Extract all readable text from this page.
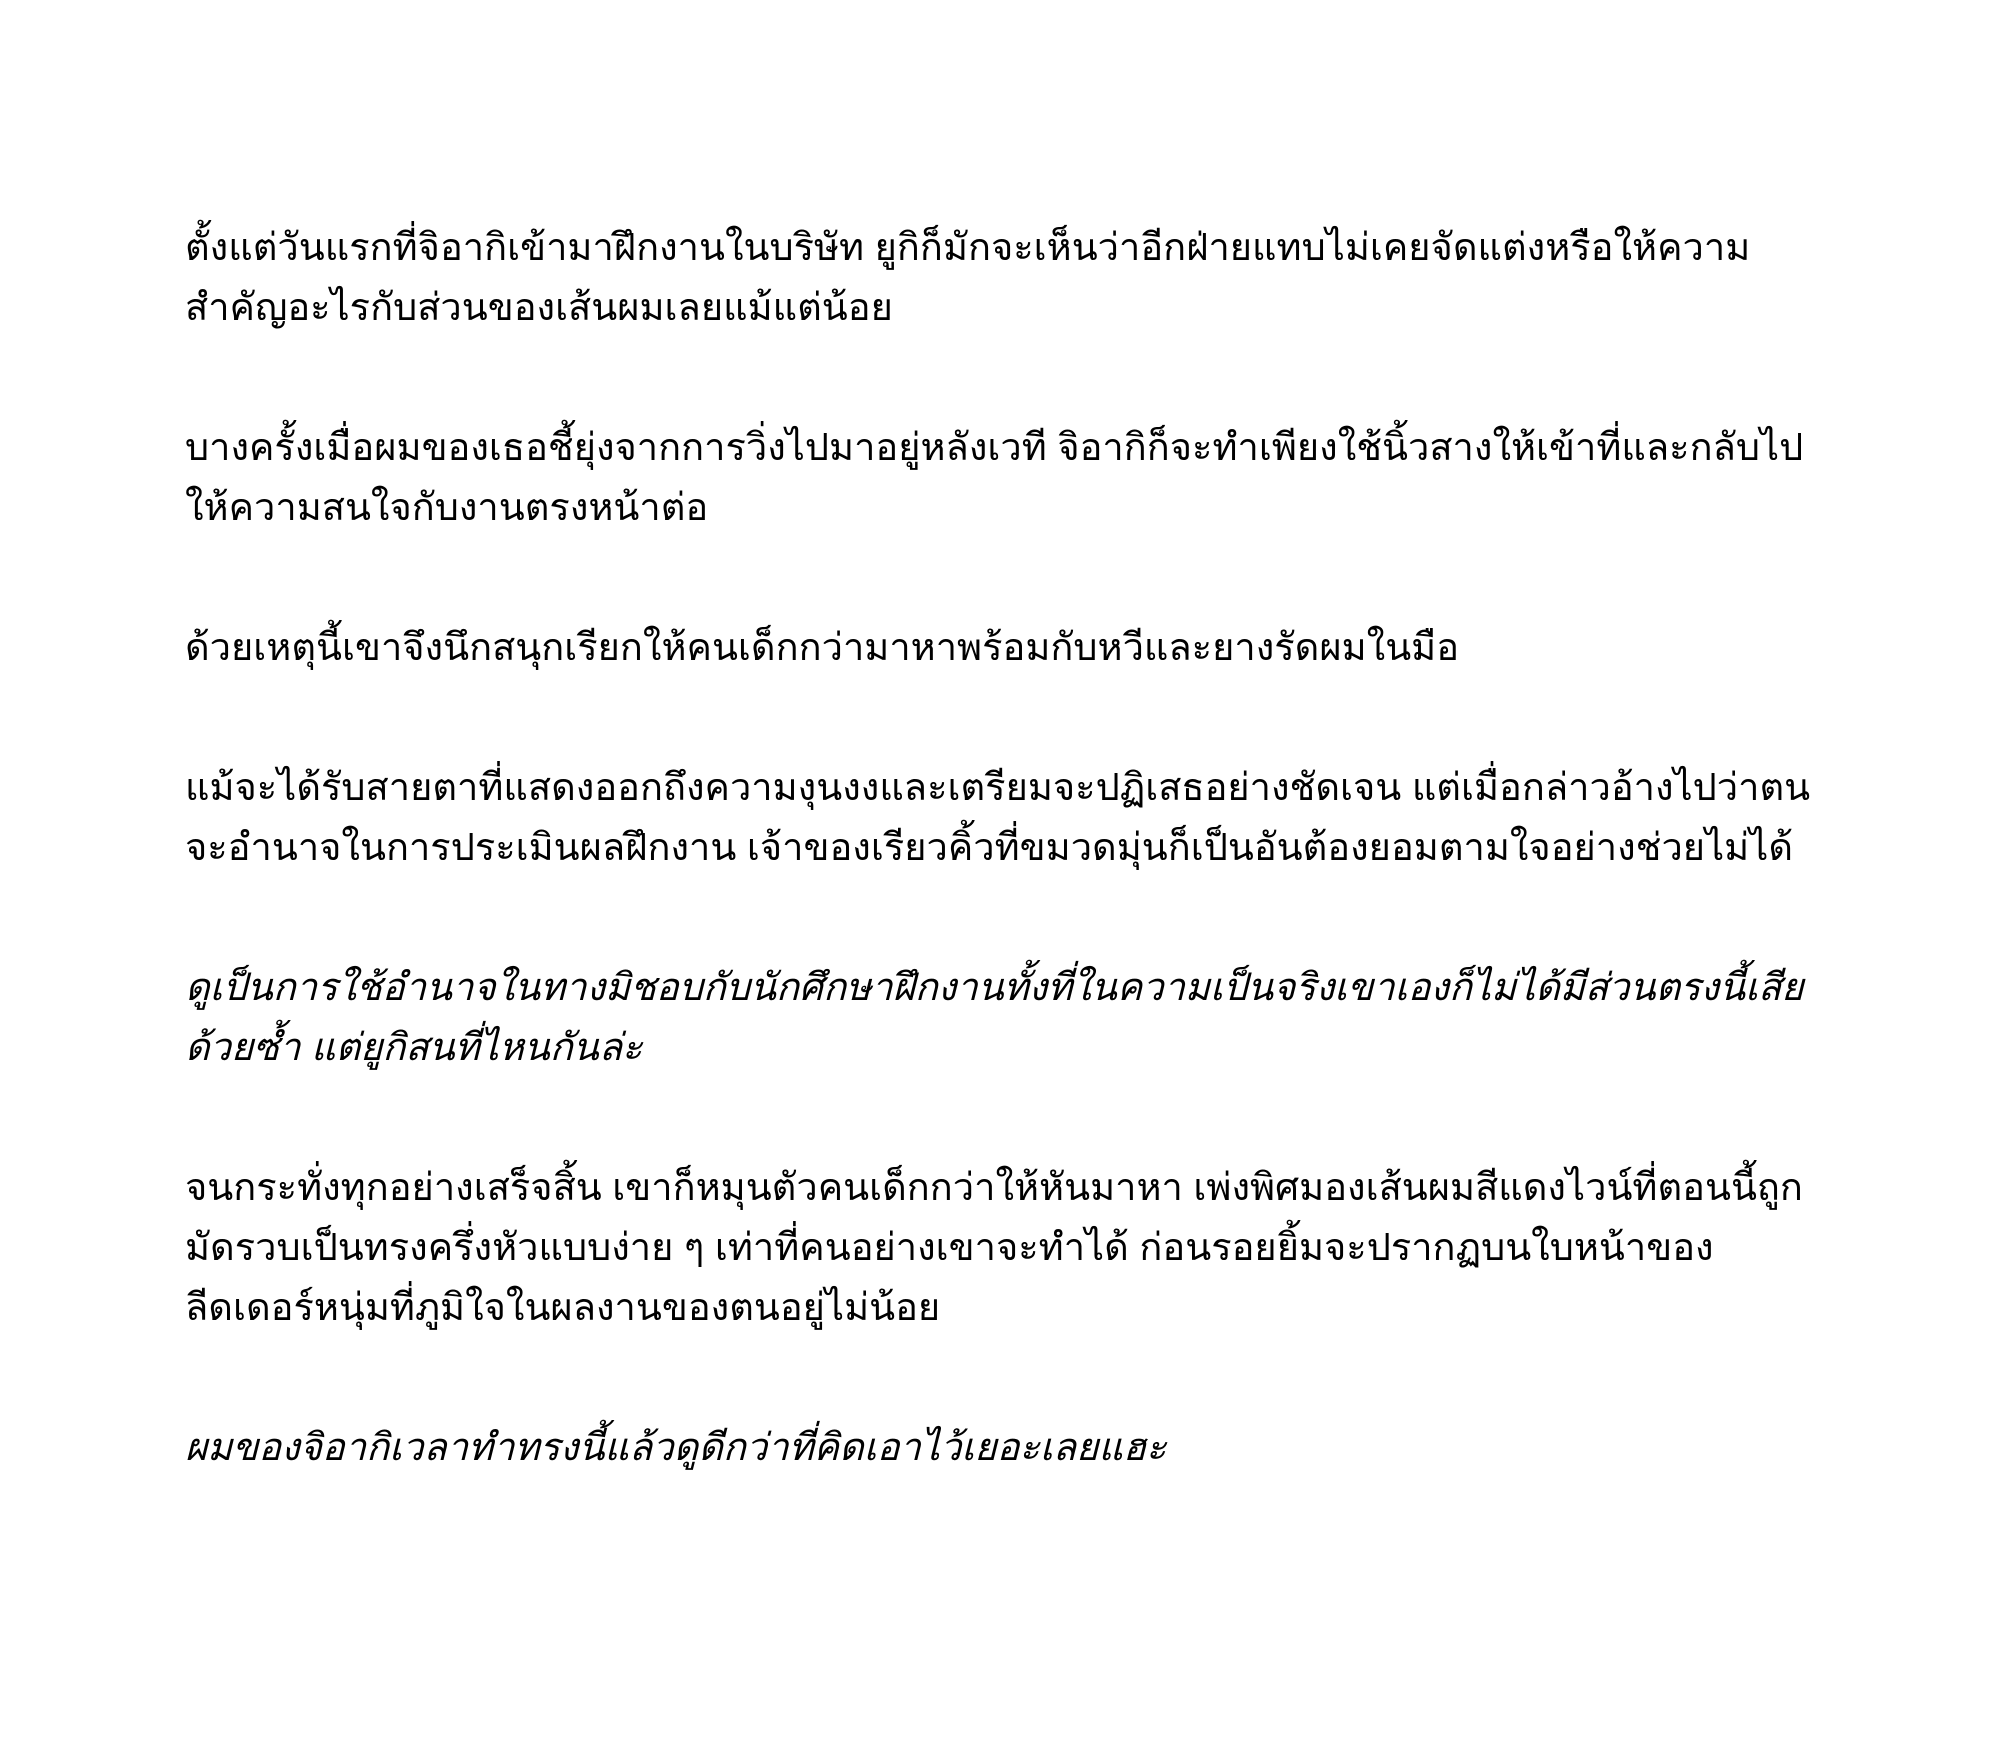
ตั้งแต่วันแรกที่จิอากิเข้ามาฝึกงานในบริษัท ยูกิก็มักจะเห็นว่าอีกฝ่ายแทบไม่เคยจัดแต่งหรือให้ความสำคัญอะไรกับส่วนของเส้นผมเลยแม้แต่น้อย

บางครั้งเมื่อผมของเธอชี้ยุ่งจากการวิ่งไปมาอยู่หลังเวที จิอากิก็จะทำเพียงใช้นิ้วสางให้เข้าที่และกลับไปให้ความสนใจกับงานตรงหน้าต่อ

ด้วยเหตุนี้เขาจึงนึกสนุกเรียกให้คนเด็กกว่ามาหาพร้อมกับหวีและยางรัดผมในมือ

แม้จะได้รับสายตาที่แสดงออกถึงความงุนงงและเตรียมจะปฏิเสธอย่างชัดเจน แต่เมื่อกล่าวอ้างไปว่าตนจะอำนาจในการประเมินผลฝึกงาน เจ้าของเรียวคิ้วที่ขมวดมุ่นก็เป็นอันต้องยอมตามใจอย่างช่วยไม่ได้

ดูเป็นการใช้อำนาจในทางมิชอบกับนักศึกษาฝึกงานทั้งที่ในความเป็นจริงเขาเองก็ไม่ได้มีส่วนตรงนี้เสียด้วยซ้ำ แต่ยูกิสนที่ไหนกันล่ะ

จนกระทั่งทุกอย่างเสร็จสิ้น เขาก็หมุนตัวคนเด็กกว่าให้หันมาหา เพ่งพิศมองเส้นผมสีแดงไวน์ที่ตอนนี้ถูกมัดรวบเป็นทรงครึ่งหัวแบบง่าย ๆ เท่าที่คนอย่างเขาจะทำได้ ก่อนรอยยิ้มจะปรากฏบนใบหน้าของลีดเดอร์หนุ่มที่ภูมิใจในผลงานของตนอยู่ไม่น้อย

ผมของจิอากิเวลาทำทรงนี้แล้วดูดีกว่าที่คิดเอาไว้เยอะเลยแฮะ
